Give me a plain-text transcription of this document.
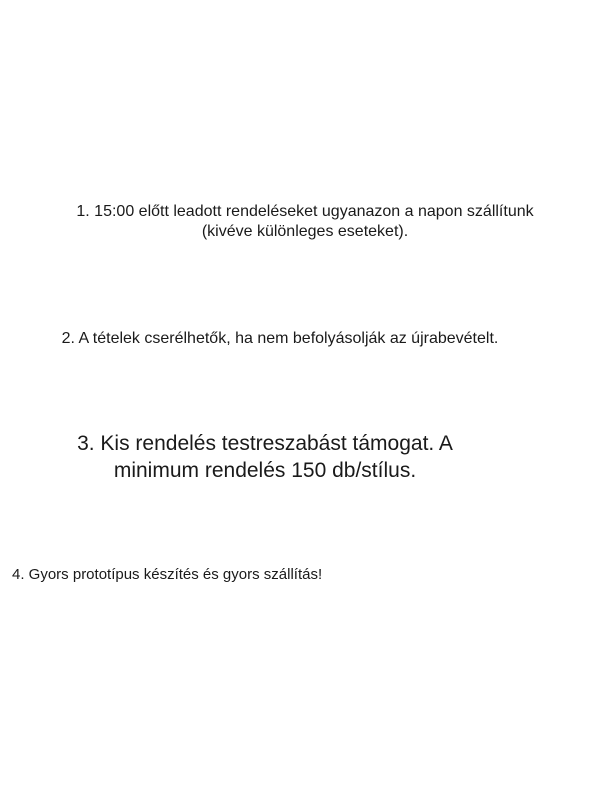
1. 15:00 előtt leadott rendeléseket ugyanazon a napon szállítunk
(kivéve különleges eseteket).
2. A tételek cserélhetők, ha nem befolyásolják az újrabevételt.
3. Kis rendelés testreszabást támogat. A
minimum rendelés 150 db/stílus.
4. Gyors prototípus készítés és gyors szállítás!
